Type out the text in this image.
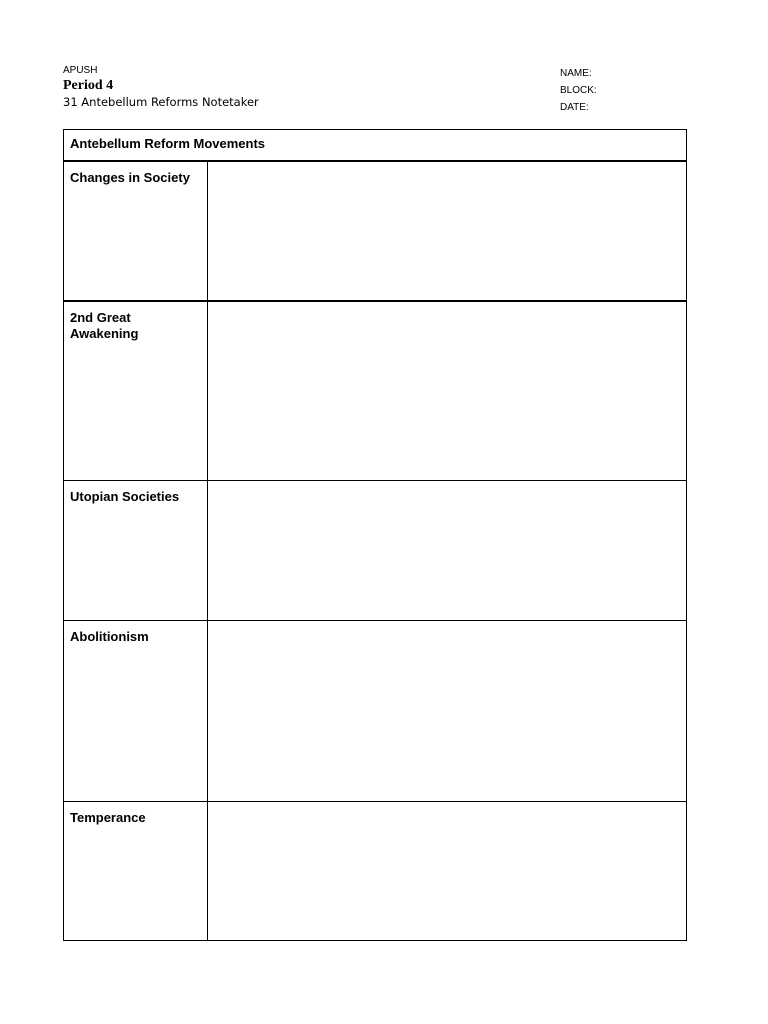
APUSH
Period 4
31 Antebellum Reforms Notetaker
NAME:
BLOCK:
DATE:
Antebellum Reform Movements	
Changes in Society	
2nd Great Awakening	
Utopian Societies	
Abolitionism	
Temperance	
